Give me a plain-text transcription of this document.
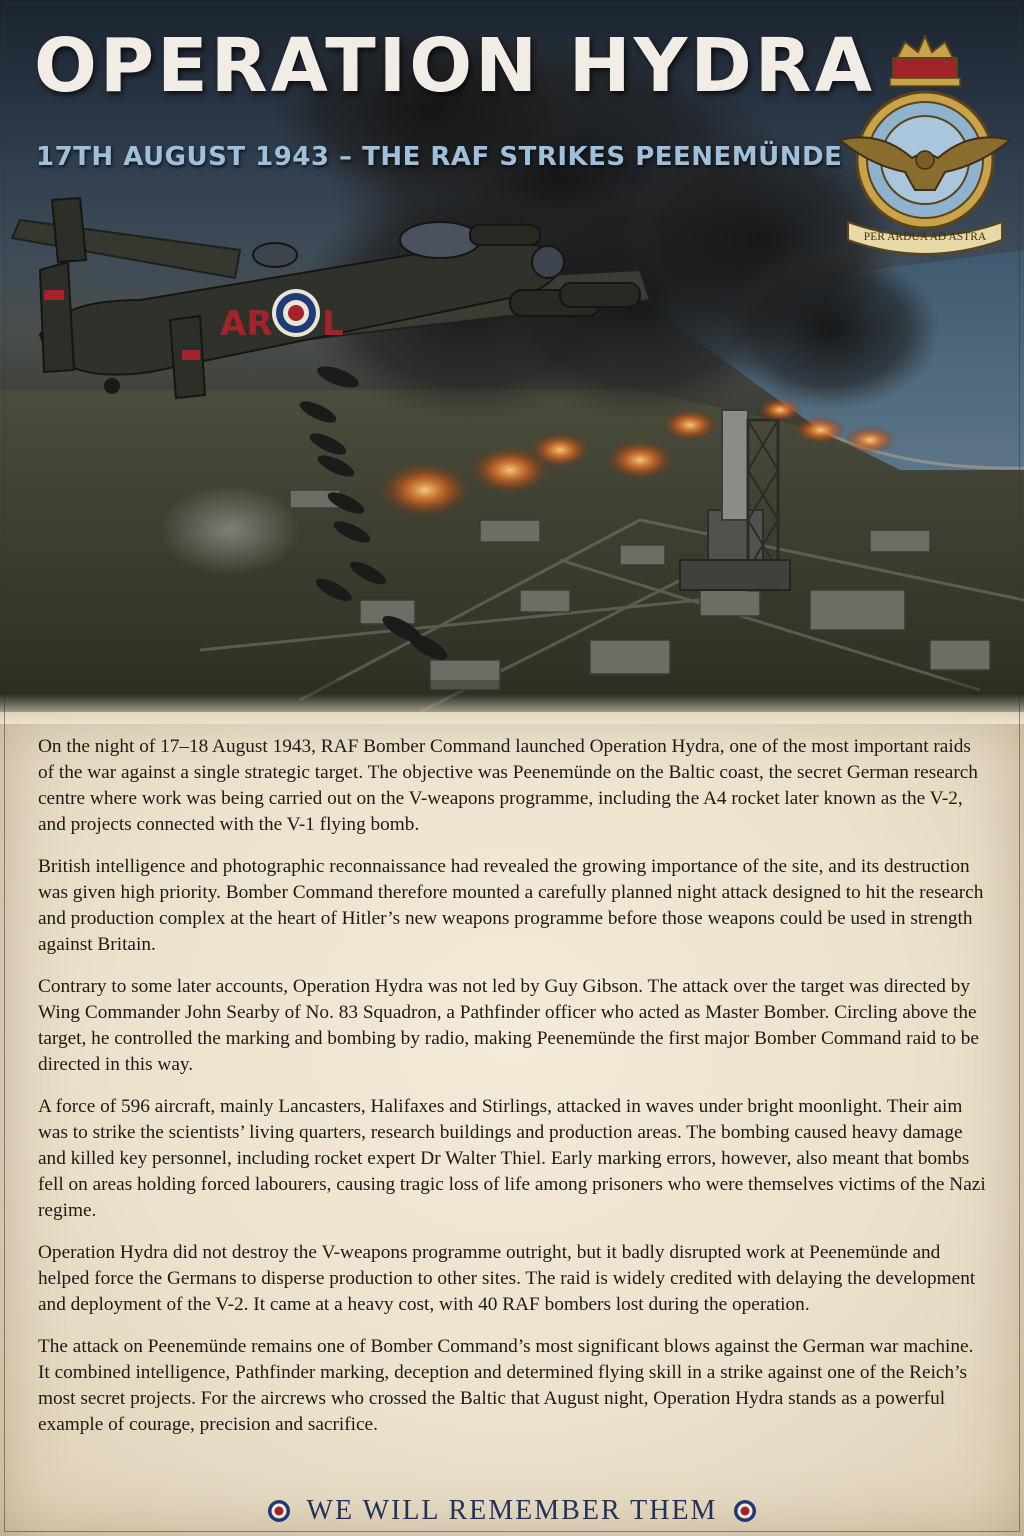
AR L
PER ARDUA AD ASTRA
OPERATION HYDRA
17TH AUGUST 1943 – THE RAF STRIKES PEENEMÜNDE

On the night of 17–18 August 1943, RAF Bomber Command launched Operation Hydra, one of the most important raids of the war against a single strategic target. The objective was Peenemünde on the Baltic coast, the secret German research centre where work was being carried out on the V-weapons programme, including the A4 rocket later known as the V-2, and projects connected with the V-1 flying bomb.

British intelligence and photographic reconnaissance had revealed the growing importance of the site, and its destruction was given high priority. Bomber Command therefore mounted a carefully planned night attack designed to hit the research and production complex at the heart of Hitler’s new weapons programme before those weapons could be used in strength against Britain.

Contrary to some later accounts, Operation Hydra was not led by Guy Gibson. The attack over the target was directed by Wing Commander John Searby of No. 83 Squadron, a Pathfinder officer who acted as Master Bomber. Circling above the target, he controlled the marking and bombing by radio, making Peenemünde the first major Bomber Command raid to be directed in this way.

A force of 596 aircraft, mainly Lancasters, Halifaxes and Stirlings, attacked in waves under bright moonlight. Their aim was to strike the scientists’ living quarters, research buildings and production areas. The bombing caused heavy damage and killed key personnel, including rocket expert Dr Walter Thiel. Early marking errors, however, also meant that bombs fell on areas holding forced labourers, causing tragic loss of life among prisoners who were themselves victims of the Nazi regime.

Operation Hydra did not destroy the V-weapons programme outright, but it badly disrupted work at Peenemünde and helped force the Germans to disperse production to other sites. The raid is widely credited with delaying the development and deployment of the V-2. It came at a heavy cost, with 40 RAF bombers lost during the operation.

The attack on Peenemünde remains one of Bomber Command’s most significant blows against the German war machine. It combined intelligence, Pathfinder marking, deception and determined flying skill in a strike against one of the Reich’s most secret projects. For the aircrews who crossed the Baltic that August night, Operation Hydra stands as a powerful example of courage, precision and sacrifice.

WE WILL REMEMBER THEM
